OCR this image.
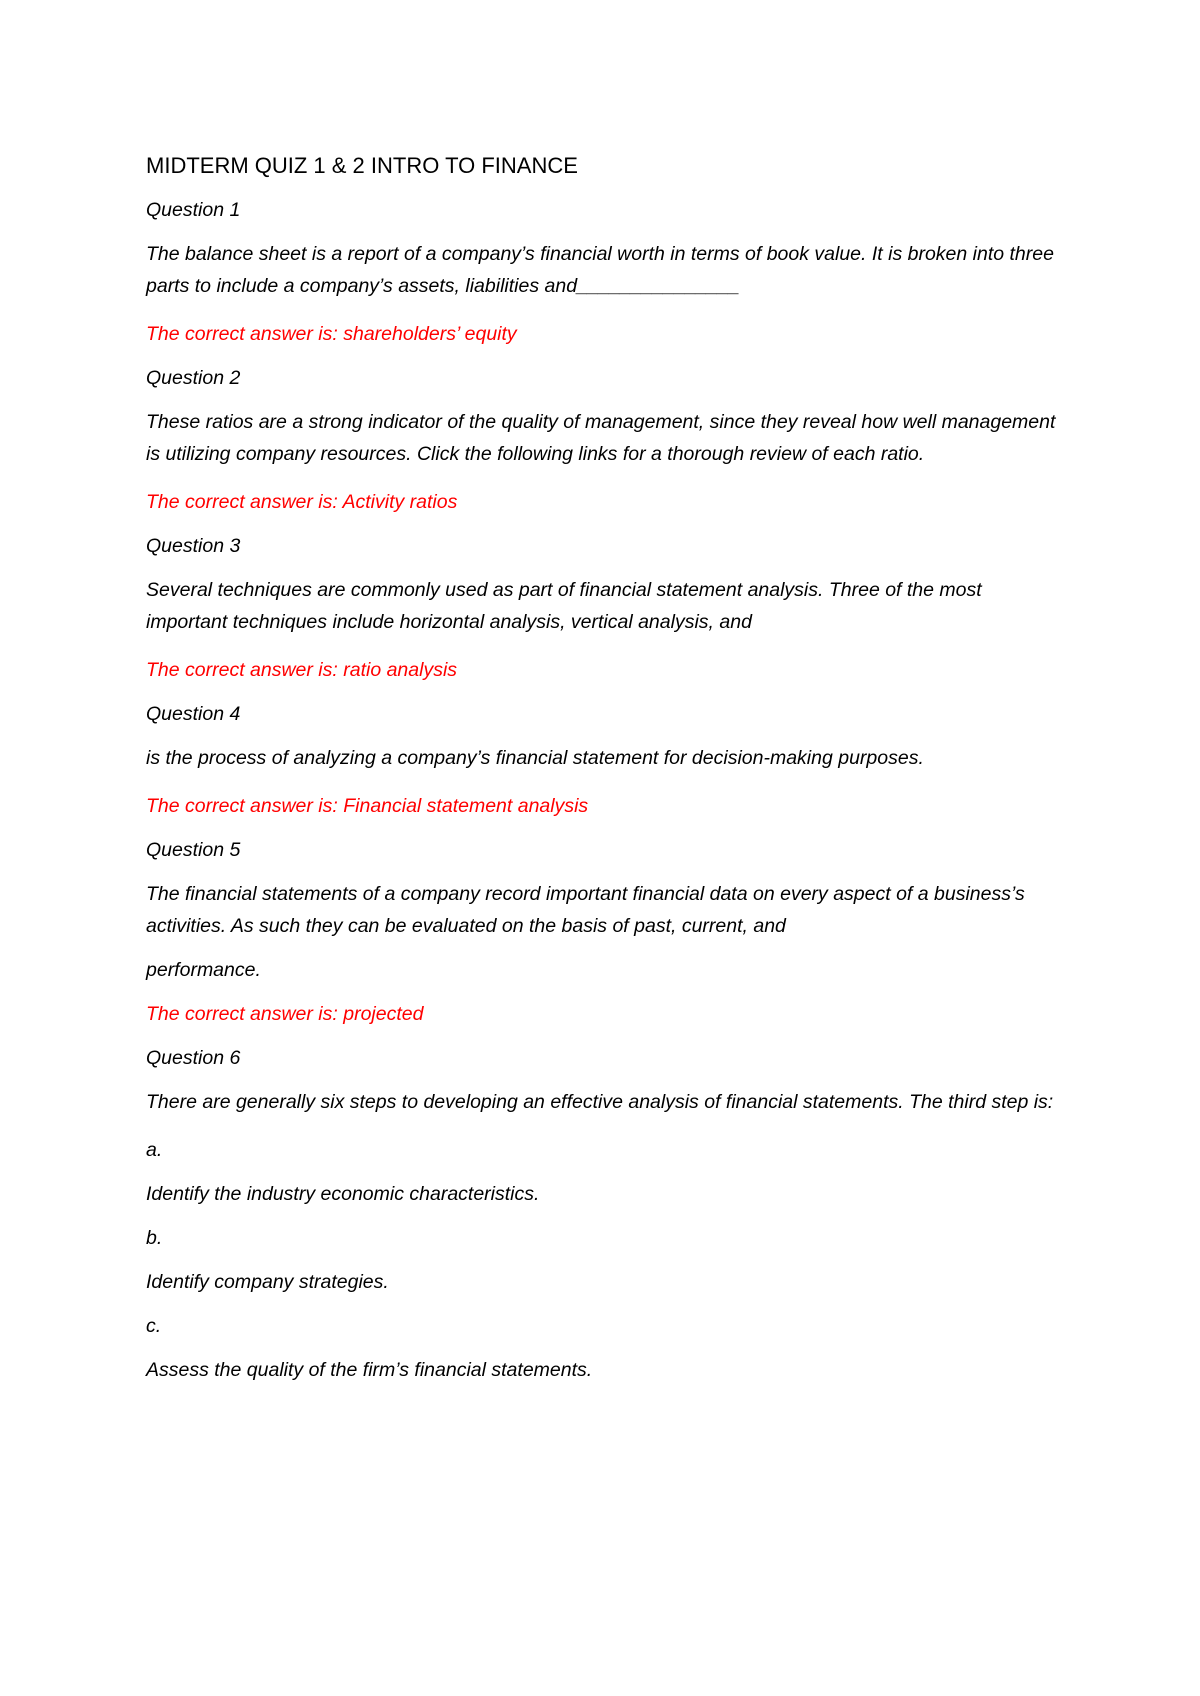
MIDTERM QUIZ 1 & 2 INTRO TO FINANCE
Question 1
The balance sheet is a report of a company’s financial worth in terms of book value. It is broken into three parts to include a company’s assets, liabilities and_______________
The correct answer is: shareholders’ equity
Question 2
These ratios are a strong indicator of the quality of management, since they reveal how well management is utilizing company resources. Click the following links for a thorough review of each ratio.
The correct answer is: Activity ratios
Question 3
Several techniques are commonly used as part of financial statement analysis. Three of the most important techniques include horizontal analysis, vertical analysis, and
The correct answer is: ratio analysis
Question 4
is the process of analyzing a company’s financial statement for decision-making purposes.
The correct answer is: Financial statement analysis
Question 5
The financial statements of a company record important financial data on every aspect of a business’s activities. As such they can be evaluated on the basis of past, current, and
performance.
The correct answer is: projected
Question 6
There are generally six steps to developing an effective analysis of financial statements. The third step is:
a.
Identify the industry economic characteristics.
b.
Identify company strategies.
c.
Assess the quality of the firm’s financial statements.
